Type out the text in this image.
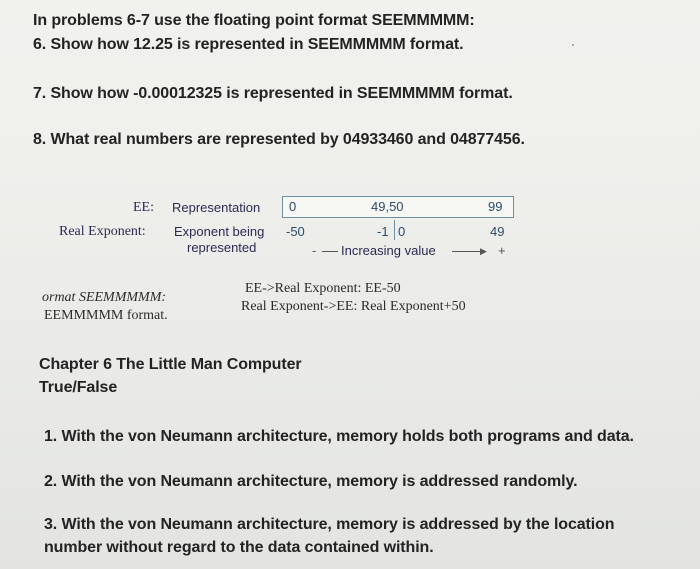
In problems 6-7 use the floating point format SEEMMMMM:
6. Show how 12.25 is represented in SEEMMMMM format.
7. Show how -0.00012325 is represented in SEEMMMMM format.
8. What real numbers are represented by 04933460 and 04877456.
EE: Representation 0	49,50	99
Real Exponent: Exponent being
represented
-50	-1 0	49
- Increasing value	▶ +
ormat SEEMMMMM:
EEMMMMM format.
EE->Real Exponent: EE-50
Real Exponent->EE: Real Exponent+50
Chapter 6 The Little Man Computer
True/False
1. With the von Neumann architecture, memory holds both programs and data.
2. With the von Neumann architecture, memory is addressed randomly.
3. With the von Neumann architecture, memory is addressed by the location
number without regard to the data contained within.
